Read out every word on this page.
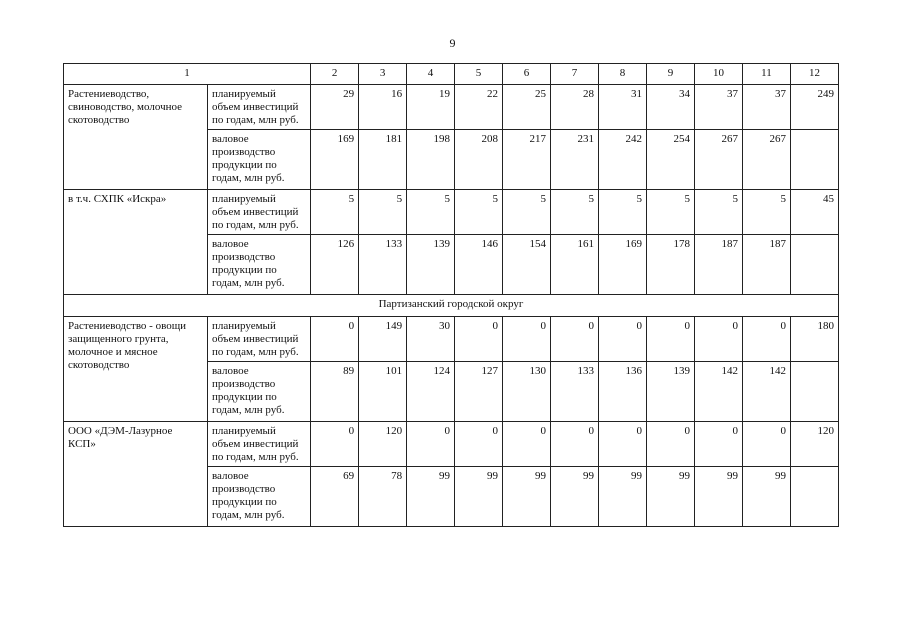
9
1		2	3	4	5	6	7	8	9	10	11	12
Растениеводство, свиноводство, молочное скотоводство	планируемый объем инвестиций по годам, млн руб.	29	16	19	22	25	28	31	34	37	37	249
	валовое производство продукции по годам, млн руб.	169	181	198	208	217	231	242	254	267	267	
в т.ч. СХПК «Искра»	планируемый объем инвестиций по годам, млн руб.	5	5	5	5	5	5	5	5	5	5	45
	валовое производство продукции по годам, млн руб.	126	133	139	146	154	161	169	178	187	187	
Партизанский городской округ												
Растениеводство - овощи защищенного грунта, молочное и мясное скотоводство	планируемый объем инвестиций по годам, млн руб.	0	149	30	0	0	0	0	0	0	0	180
	валовое производство продукции по годам, млн руб.	89	101	124	127	130	133	136	139	142	142	
ООО «ДЭМ-Лазурное КСП»	планируемый объем инвестиций по годам, млн руб.	0	120	0	0	0	0	0	0	0	0	120
	валовое производство продукции по годам, млн руб.	69	78	99	99	99	99	99	99	99	99	
